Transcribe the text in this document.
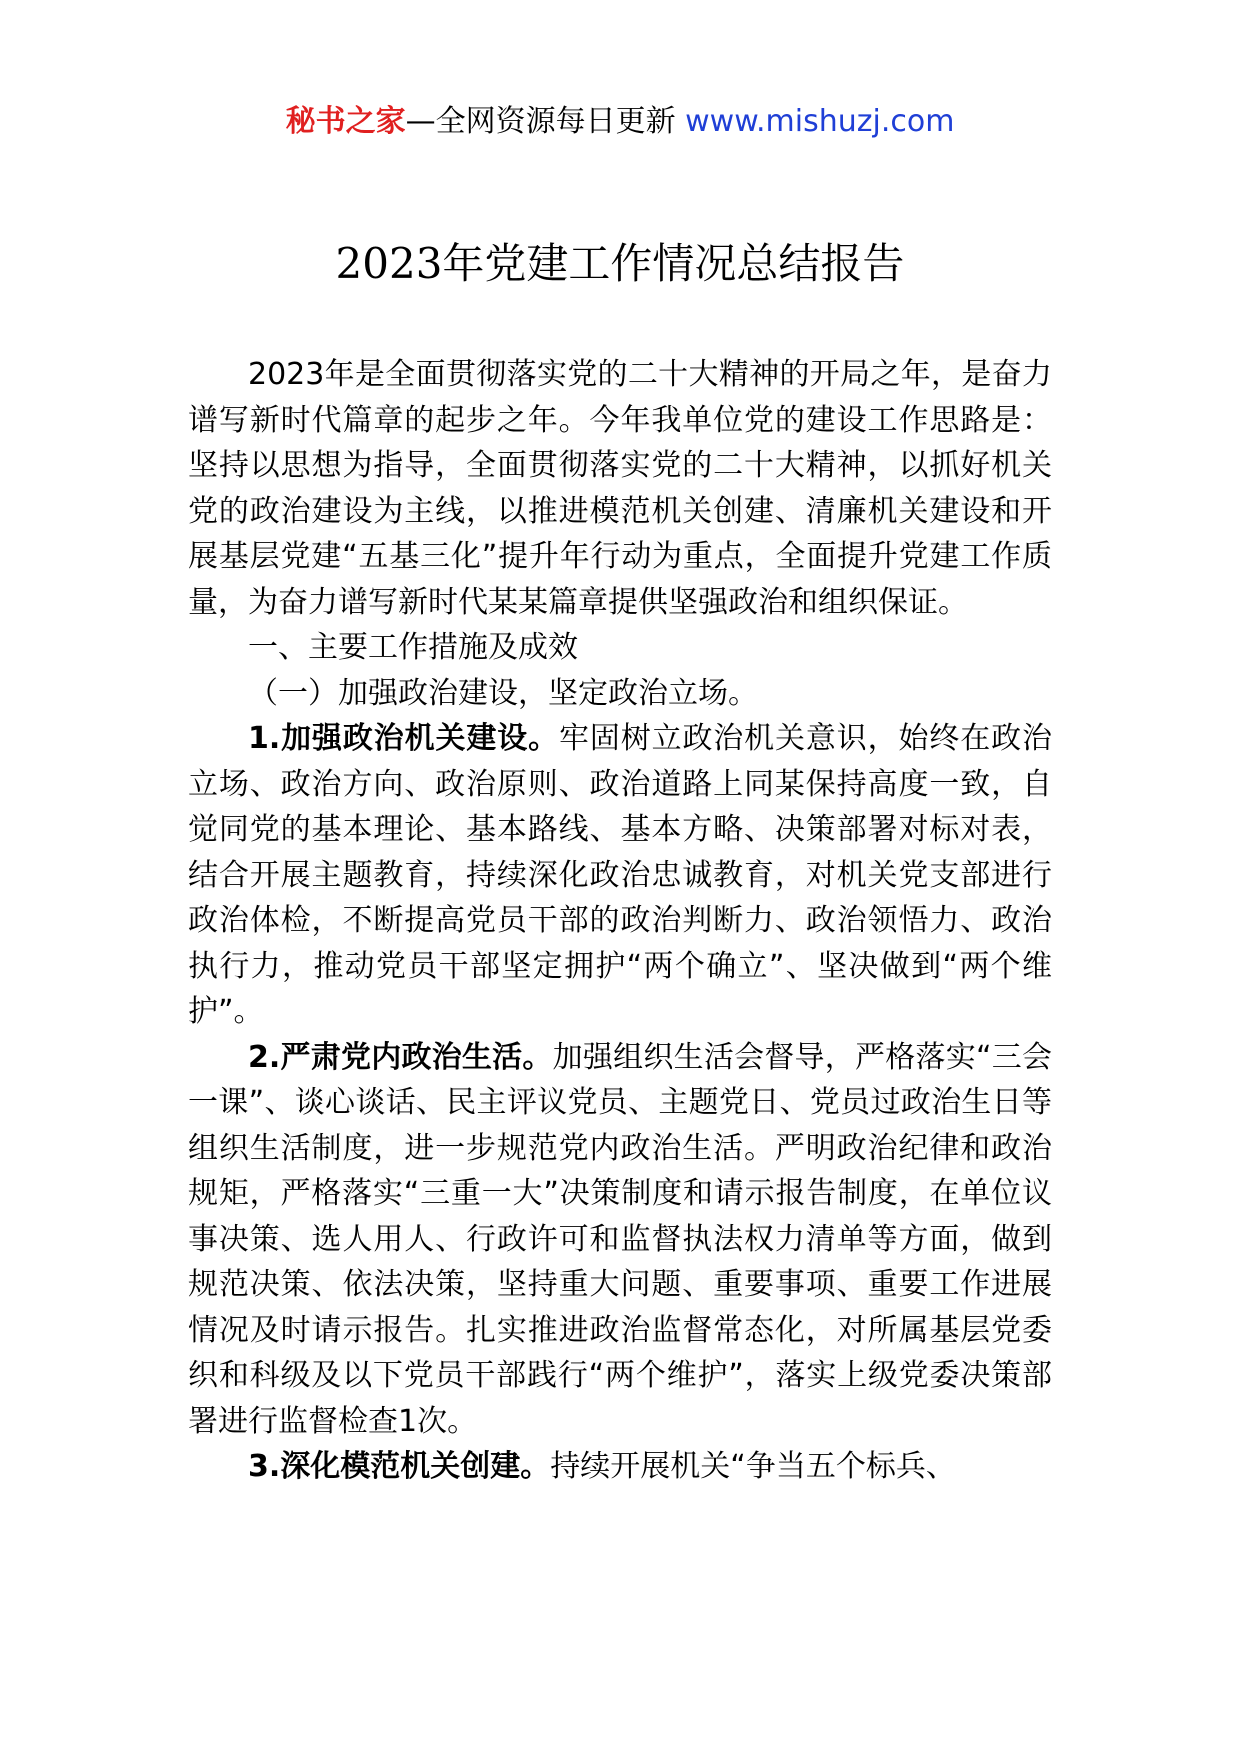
秘书之家—全网资源每日更新 www.mishuzj.com
2023年党建工作情况总结报告

2023年是全面贯彻落实党的二十大精神的开局之年，是奋力谱写新时代篇章的起步之年。今年我单位党的建设工作思路是：坚持以思想为指导，全面贯彻落实党的二十大精神，以抓好机关党的政治建设为主线，以推进模范机关创建、清廉机关建设和开展基层党建“五基三化”提升年行动为重点，全面提升党建工作质量，为奋力谱写新时代某某篇章提供坚强政治和组织保证。

一、主要工作措施及成效

（一）加强政治建设，坚定政治立场。

1.加强政治机关建设。牢固树立政治机关意识，始终在政治立场、政治方向、政治原则、政治道路上同某保持高度一致，自觉同党的基本理论、基本路线、基本方略、决策部署对标对表，结合开展主题教育，持续深化政治忠诚教育，对机关党支部进行政治体检，不断提高党员干部的政治判断力、政治领悟力、政治执行力，推动党员干部坚定拥护“两个确立”、坚决做到“两个维护”。

2.严肃党内政治生活。加强组织生活会督导，严格落实“三会一课”、谈心谈话、民主评议党员、主题党日、党员过政治生日等组织生活制度，进一步规范党内政治生活。严明政治纪律和政治规矩，严格落实“三重一大”决策制度和请示报告制度，在单位议事决策、选人用人、行政许可和监督执法权力清单等方面，做到规范决策、依法决策，坚持重大问题、重要事项、重要工作进展情况及时请示报告。扎实推进政治监督常态化，对所属基层党委织和科级及以下党员干部践行“两个维护”，落实上级党委决策部署进行监督检查1次。

3.深化模范机关创建。持续开展机关“争当五个标兵、
